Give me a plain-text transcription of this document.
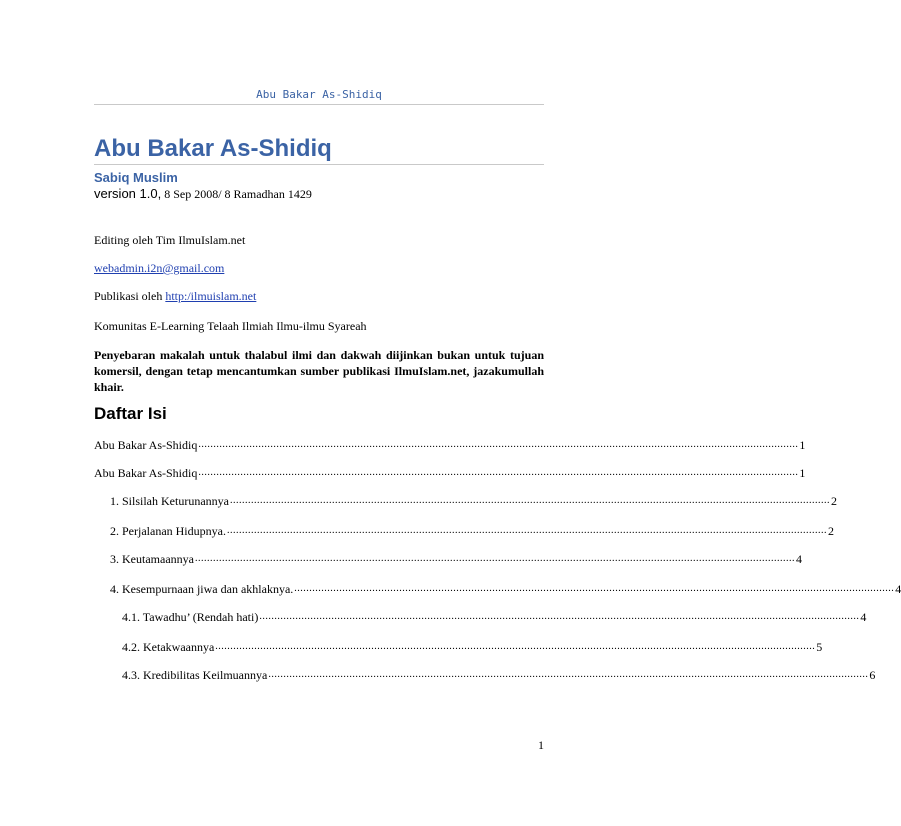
Abu Bakar As-Shidiq
Abu Bakar As-Shidiq
Sabiq Muslim
version 1.0, 8 Sep 2008/ 8 Ramadhan 1429
Editing oleh Tim IlmuIslam.net
webadmin.i2n@gmail.com
Publikasi oleh http:/ilmuislam.net
Komunitas E-Learning Telaah Ilmiah Ilmu-ilmu Syareah
Penyebaran makalah untuk thalabul ilmi dan dakwah diijinkan bukan untuk tujuan komersil, dengan tetap mencantumkan sumber publikasi IlmuIslam.net, jazakumullah khair.
Daftar Isi
Abu Bakar As-Shidiq ........................................................................................................................................................................................................ 1
Abu Bakar As-Shidiq ........................................................................................................................................................................................................ 1
1. Silsilah Keturunannya ........................................................................................................................................................................................................ 2
2. Perjalanan Hidupnya. ........................................................................................................................................................................................................ 2
3. Keutamaannya ........................................................................................................................................................................................................ 4
4. Kesempurnaan jiwa dan akhlaknya. ........................................................................................................................................................................................................ 4
4.1. Tawadhu’ (Rendah hati) ........................................................................................................................................................................................................ 4
4.2. Ketakwaannya ........................................................................................................................................................................................................ 5
4.3. Kredibilitas Keilmuannya ........................................................................................................................................................................................................ 6
1
